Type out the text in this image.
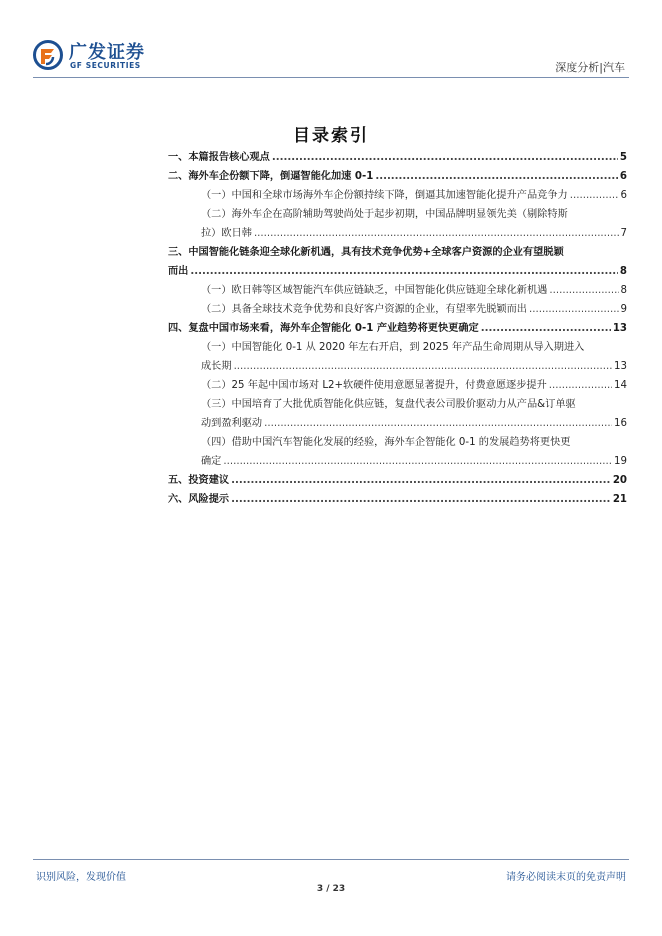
广发证券
GF SECURITIES	深度分析|汽车
目录索引
一、本篇报告核心观点 .....	5
二、海外车企份额下降，倒逼智能化加速 0-1 .....	6
（一）中国和全球市场海外车企份额持续下降，倒逼其加速智能化提升产品竞争力 .....	6
（二）海外车企在高阶辅助驾驶尚处于起步初期，中国品牌明显领先美（剔除特斯
拉）欧日韩 .....	7
三、中国智能化链条迎全球化新机遇，具有技术竞争优势+全球客户资源的企业有望脱颖
而出 .....	8
（一）欧日韩等区域智能汽车供应链缺乏，中国智能化供应链迎全球化新机遇 .....	8
（二）具备全球技术竞争优势和良好客户资源的企业，有望率先脱颖而出 .....	9
四、复盘中国市场来看，海外车企智能化 0-1 产业趋势将更快更确定 .....	13
（一）中国智能化 0-1 从 2020 年左右开启，到 2025 年产品生命周期从导入期进入
成长期 .....	13
（二）25 年起中国市场对 L2+软硬件使用意愿显著提升，付费意愿逐步提升 .....	14
（三）中国培育了大批优质智能化供应链，复盘代表公司股价驱动力从产品&订单驱
动到盈利驱动 .....	16
（四）借助中国汽车智能化发展的经验，海外车企智能化 0-1 的发展趋势将更快更
确定 .....	19
五、投资建议 .....	20
六、风险提示 .....	21
识别风险，发现价值	请务必阅读末页的免责声明
3 / 23
